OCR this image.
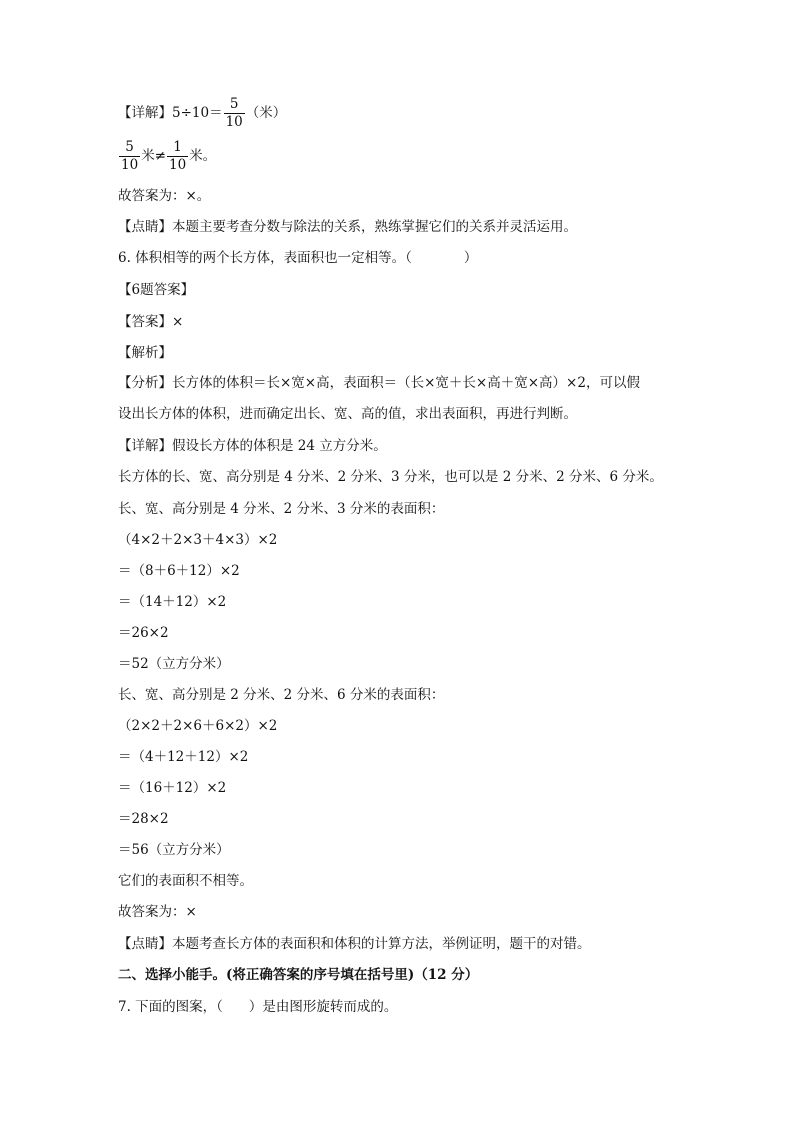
【详解】$5\div 10= \frac{5}{10}$ （米）
$\frac{5}{10}$ 米≠ $\frac{1}{10}$ 米。
故答案为：×。
【点睛】本题主要考查分数与除法的关系，熟练掌握它们的关系并灵活运用。
6. 体积相等的两个长方体，表面积也一定相等。（	）
【6题答案】
【答案】×
【解析】
【分析】长方体的体积＝长×宽×高，表面积＝（长×宽＋长×高＋宽×高）×2，可以假
设出长方体的体积，进而确定出长、宽、高的值，求出表面积，再进行判断。
【详解】假设长方体的体积是 24 立方分米。
长方体的长、宽、高分别是 4 分米、2 分米、3 分米，也可以是 2 分米、2 分米、6 分米。
长、宽、高分别是 4 分米、2 分米、3 分米的表面积：
（4×2＋2×3＋4×3）×2
＝（8＋6＋12）×2
＝（14＋12）×2
＝26×2
＝52（立方分米）
长、宽、高分别是 2 分米、2 分米、6 分米的表面积：
（2×2＋2×6＋6×2）×2
＝（4＋12＋12）×2
＝（16＋12）×2
＝28×2
＝56（立方分米）
它们的表面积不相等。
故答案为：×
【点睛】本题考查长方体的表面积和体积的计算方法，举例证明，题干的对错。
二、选择小能手。(将正确答案的序号填在括号里)（12 分）
7. 下面的图案，（ ）是由图形旋转而成的。
